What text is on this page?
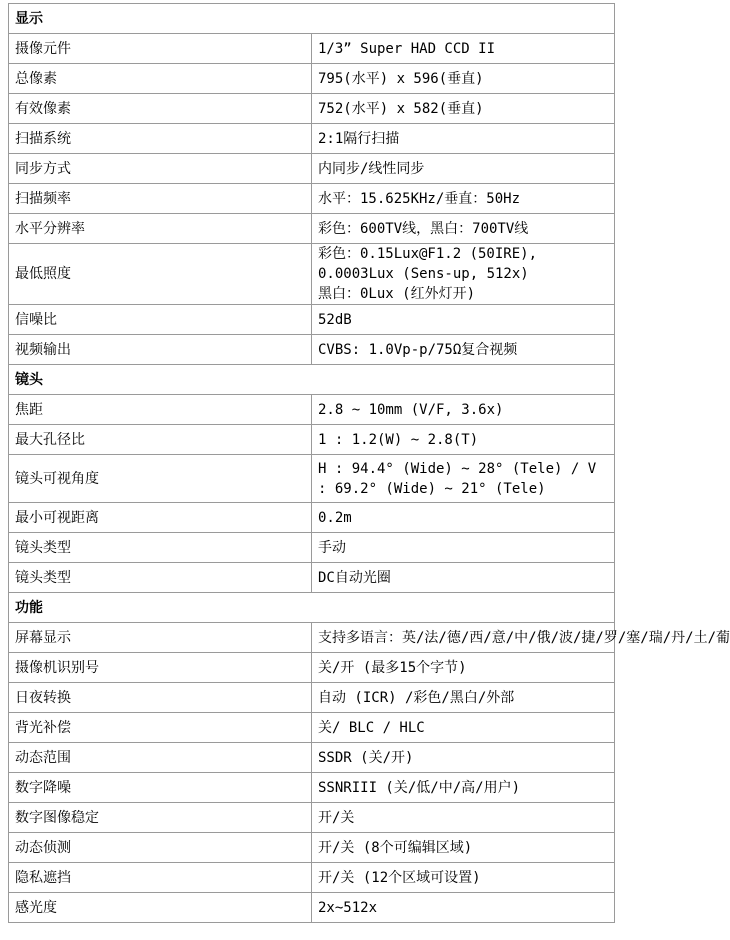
显示	
摄像元件	1/3ˮ Super HAD CCD II
总像素	795(水平) x 596(垂直)
有效像素	752(水平) x 582(垂直)
扫描系统	2:1隔行扫描
同步方式	内同步/线性同步
扫描频率	水平：15.625KHz/垂直：50Hz
水平分辨率	彩色：600TV线，黑白：700TV线
最低照度	彩色：0.15Lux@F1.2 (50IRE), 0.0003Lux (Sens-up, 512x)
黑白：0Lux (红外灯开)

信噪比	52dB
视频输出	CVBS: 1.0Vp-p/75Ω复合视频
镜头	
焦距	2.8 ~ 10mm (V/F, 3.6x)
最大孔径比	1 : 1.2(W) ~ 2.8(T)
镜头可视角度	H : 94.4° (Wide) ~ 28° (Tele) / V : 69.2° (Wide) ~ 21° (Tele)
最小可视距离	0.2m
镜头类型	手动
镜头类型	DC自动光圈
功能	
屏幕显示	支持多语言：英/法/德/西/意/中/俄/波/捷/罗/塞/瑞/丹/土/葡
摄像机识别号	关/开 (最多15个字节)
日夜转换	自动 (ICR) /彩色/黑白/外部
背光补偿	关/ BLC / HLC
动态范围	SSDR (关/开)
数字降噪	SSNRIII (关/低/中/高/用户)
数字图像稳定	开/关
动态侦测	开/关 (8个可编辑区域)
隐私遮挡	开/关 (12个区域可设置)
感光度	2x~512x
